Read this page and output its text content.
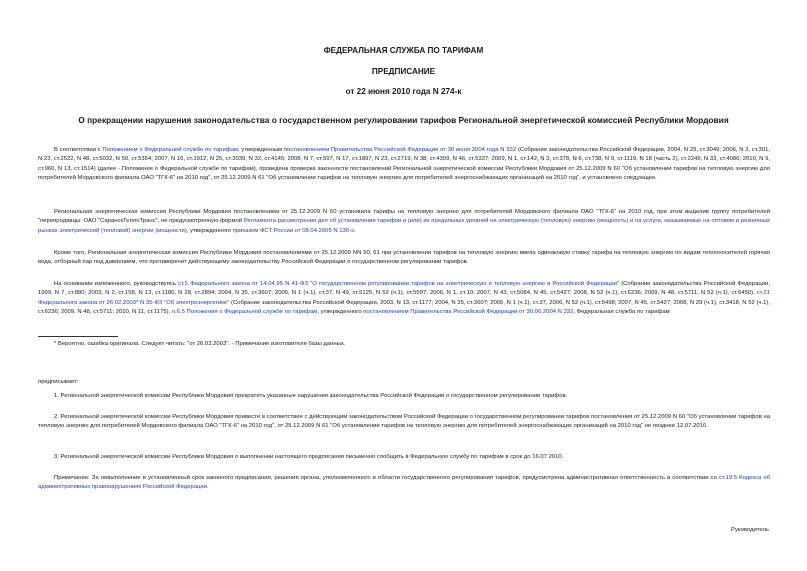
ФЕДЕРАЛЬНАЯ СЛУЖБА ПО ТАРИФАМ
ПРЕДПИСАНИЕ
от 22 июня 2010 года N 274-к
О прекращении нарушения законодательства о государственном регулировании тарифов Региональной энергетической комиссией Республики Мордовия

В соответствии с Положением о Федеральной службе по тарифам, утвержденным постановлением Правительства Российской Федерации от 30 июня 2004 года N 332 (Собрание законодательства Российской Федерации, 2004, N 29, ст.3049; 2006, N 3, ст.301, N 23, ст.2522, N 48, ст.5032, N 50, ст.5354; 2007, N 16, ст.1912, N 25, ст.3039, N 32, ст.4145; 2008, N 7, ст.597, N 17, ст.1897, N 23, ст.2719, N 38, ст.4309, N 46, ст.5337; 2009, N 1, ст.142; N 3, ст.378, N 6, ст.738, N 9, ст.1119, N 18 (часть 2), ст.2249, N 33, ст.4086; 2010, N 9, ст.960, N 13, ст.1514) (далее - Положение о Федеральной службе по тарифам), проведена проверка законности постановлений Региональной энергетической комиссии Республики Мордовия от 25.12.2009 N 60 "Об установлении тарифов на тепловую энергию для потребителей Мордовского филиала ОАО "ТГК-6" на 2010 год", от 25.12.2009 N 61 "Об установлении тарифов на тепловую энергию для потребителей энергоснабжающих организаций на 2010 год", и установлено следующее.

Региональная энергетическая комиссия Республики Мордовия постановлением от 25.12.2009 N 60 установила тарифы на тепловую энергию для потребителей Мордовского филиала ОАО "ТГК-6" на 2010 год, при этом выделив группу потребителей "перепродавцы: ОАО "СаранскТеплоТранс", не предусмотренную формой Регламента рассмотрения дел об установлении тарифов и (или) их предельных уровней на электрическую (тепловую) энергию (мощность) и на услуги, оказываемые на оптовом и розничных рынках электрической (тепловой) энергии (мощности), утвержденного приказом ФСТ России от 08.04.2005 N 130-э.

Кроме того, Региональная энергетическая комиссия Республики Мордовия постановлениями от 25.12.2009 NN 60, 61 при установлении тарифов на тепловую энергию ввела одинаковую ставку тарифа на тепловую энергию по видам теплоносителей горячая вода, отборный пар под давлением, что противоречит действующему законодательству Российской Федерации о государственном регулировании тарифов.

На основании изложенного, руководствуясь ст.5 Федерального закона от 14.04.95 N 41-ФЗ "О государственном регулировании тарифов на электрическую и тепловую энергию в Российской Федерации" (Собрание законодательства Российской Федерации, 1999, N 7, ст.880; 2003, N 2, ст.158, N 13, ст.1180, N 28, ст.2894; 2004, N 35, ст.3607; 2005, N 1 (ч.1), ст.37, N 49, ст.5125, N 52 (ч.1), ст.5597; 2006, N 1, ст.10; 2007, N 43, ст.5084, N 45, ст.5427; 2008, N 52 (ч.1), ст.6236; 2009, N 48, ст.5711, N 52 (ч.1), ст.6450), ст.21 Федерального закона от 26.02.2003* N 35-ФЗ "Об электроэнергетике" (Собрание законодательства Российской Федерации, 2003, N 13, ст.1177; 2004, N 35, ст.3607; 2005, N 1 (ч.1), ст.37, 2006, N 52 (ч.1), ст.5498; 2007, N 45, ст.5427; 2008, N 29 (ч.1), ст.3418, N 52 (ч.1), ст.6236; 2009, N 48, ст.5711; 2010, N 11, ст.1175), п.6.5 Положения о Федеральной службе по тарифам, утвержденного постановлением Правительства Российской Федерации от 30.06.2004 N 332, Федеральная служба по тарифам

* Вероятно, ошибка оригинала. Следует читать: "от 26.03.2003". - Примечание изготовителя базы данных.
предписывает:

1. Региональной энергетической комиссии Республики Мордовия прекратить указанные нарушения законодательства Российской Федерации о государственном регулировании тарифов.

2. Региональной энергетической комиссии Республики Мордовия привести в соответствие с действующим законодательством Российской Федерации о государственном регулировании тарифов постановления от 25.12.2009 N 60 "Об установлении тарифов на тепловую энергию для потребителей Мордовского филиала ОАО "ТГК-6" на 2010 год", от 25.12.2009 N 61 "Об установлении тарифов на тепловую энергию для потребителей энергоснабжающих организаций на 2010 год" не позднее 12.07.2010.

3. Региональной энергетической комиссии Республики Мордовия о выполнении настоящего предписания письменно сообщить в Федеральную службу по тарифам в срок до 16.07.2010.

Примечание: За невыполнение в установленный срок законного предписания, решения органа, уполномоченного в области государственного регулирования тарифов, предусмотрена административная ответственность в соответствии со ст.19.5 Кодекса об административных правонарушениях Российской Федерации.

Руководитель
